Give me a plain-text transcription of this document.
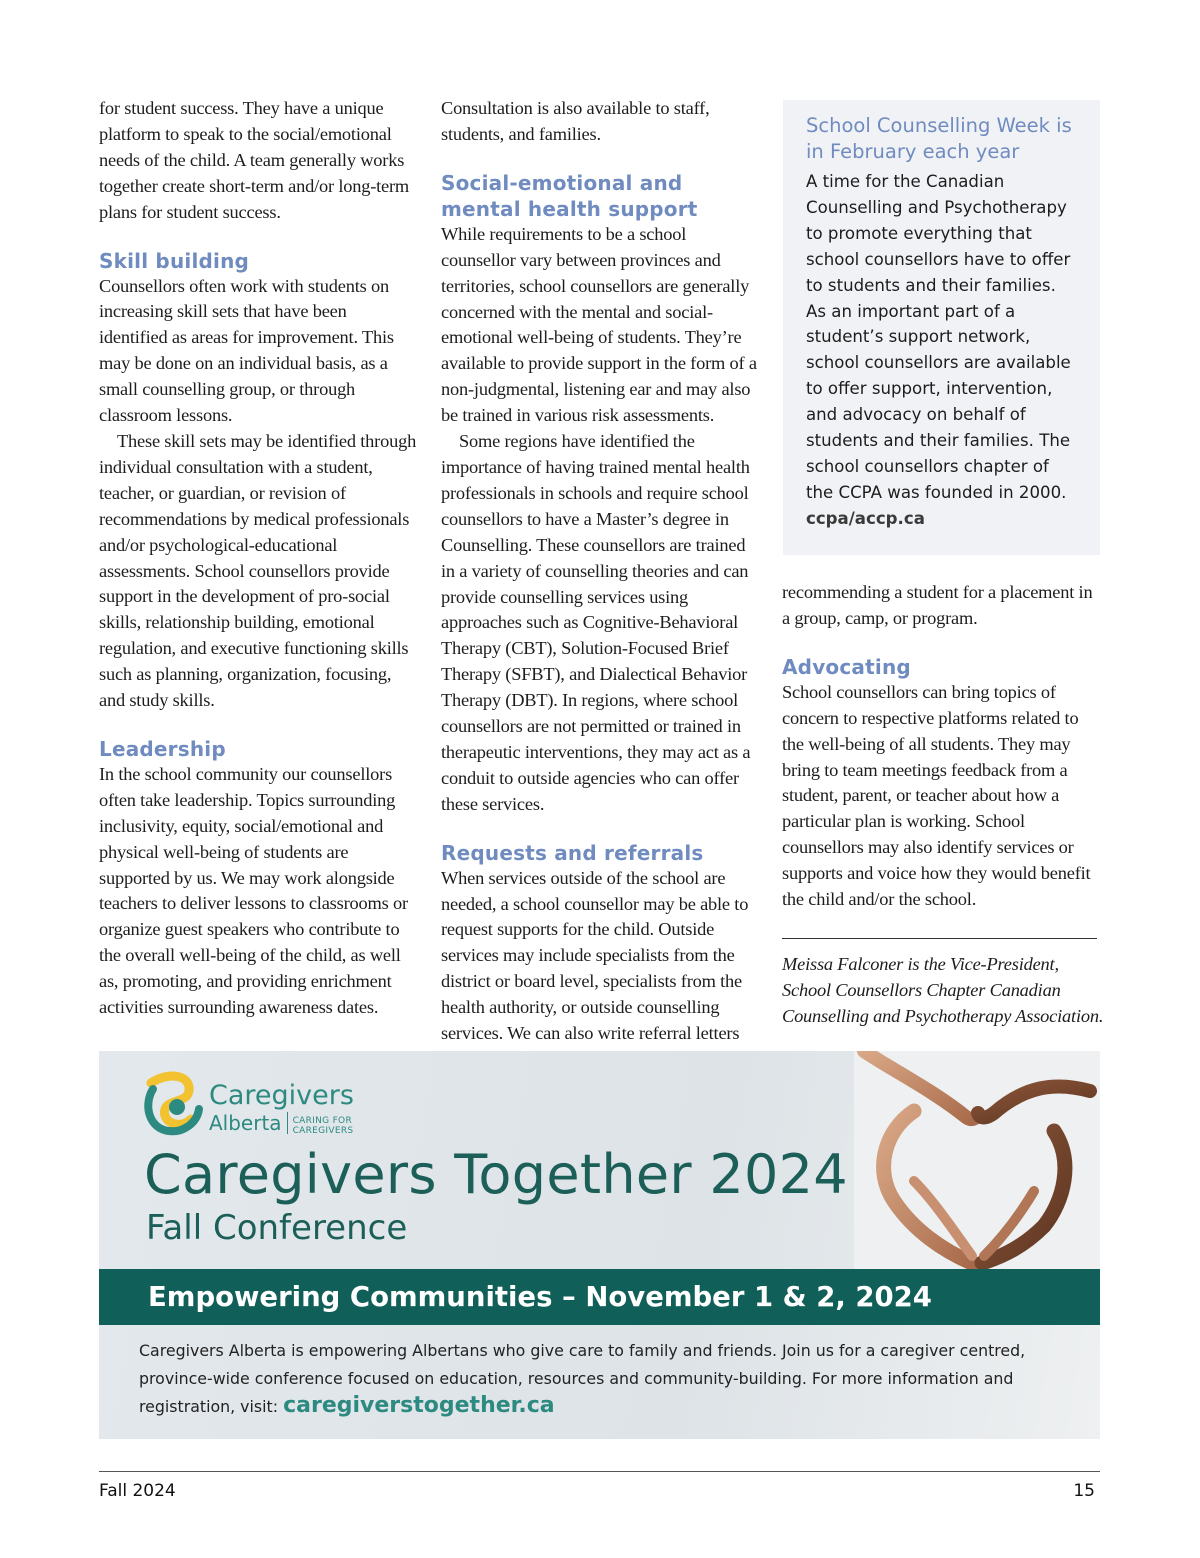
for student success. They have a unique platform to speak to the social/emotional needs of the child. A team generally works together create short-term and/or long-term plans for student success.

Skill building

Counsellors often work with students on increasing skill sets that have been identified as areas for improvement. This may be done on an individual basis, as a small counselling group, or through classroom lessons.

These skill sets may be identified through individual consultation with a student, teacher, or guardian, or revision of recommendations by medical professionals and/or psychological-educational assessments. School counsellors provide support in the development of pro-social skills, relationship building, emotional regulation, and executive functioning skills such as planning, organization, focusing, and study skills.

Leadership

In the school community our counsellors often take leadership. Topics surrounding inclusivity, equity, social/emotional and physical well-being of students are supported by us. We may work alongside teachers to deliver lessons to classrooms or organize guest speakers who contribute to the overall well-being of the child, as well as, promoting, and providing enrichment activities surrounding awareness dates.

Consultation is also available to staff, students, and families.

Social-emotional and mental health support

While requirements to be a school counsellor vary between provinces and territories, school counsellors are generally concerned with the mental and social-emotional well-being of students. They’re available to provide support in the form of a non-judgmental, listening ear and may also be trained in various risk assessments.

Some regions have identified the importance of having trained mental health professionals in schools and require school counsellors to have a Master’s degree in Counselling. These counsellors are trained in a variety of counselling theories and can provide counselling services using approaches such as Cognitive-Behavioral Therapy (CBT), Solution-Focused Brief Therapy (SFBT), and Dialectical Behavior Therapy (DBT). In regions, where school counsellors are not permitted or trained in therapeutic interventions, they may act as a conduit to outside agencies who can offer these services.

Requests and referrals

When services outside of the school are needed, a school counsellor may be able to request supports for the child. Outside services may include specialists from the district or board level, specialists from the health authority, or outside counselling services. We can also write referral letters

School Counselling Week is in February each year

A time for the Canadian Counselling and Psychotherapy to promote everything that school counsellors have to offer to students and their families. As an important part of a student’s support network, school counsellors are available to offer support, intervention, and advocacy on behalf of students and their families. The school counsellors chapter of the CCPA was founded in 2000.

ccpa/accp.ca

recommending a student for a placement in a group, camp, or program.

Advocating

School counsellors can bring topics of concern to respective platforms related to the well-being of all students. They may bring to team meetings feedback from a student, parent, or teacher about how a particular plan is working. School counsellors may also identify services or supports and voice how they would benefit the child and/or the school.

Meissa Falconer is the Vice-President, School Counsellors Chapter Canadian Counselling and Psychotherapy Association.

Caregivers
Alberta CARING FOR CAREGIVERS

Caregivers Together 2024

Fall Conference

Empowering Communities – November 1 & 2, 2024

Caregivers Alberta is empowering Albertans who give care to family and friends. Join us for a caregiver centred, province-wide conference focused on education, resources and community-building. For more information and registration, visit: caregiverstogether.ca

Fall 2024	15
